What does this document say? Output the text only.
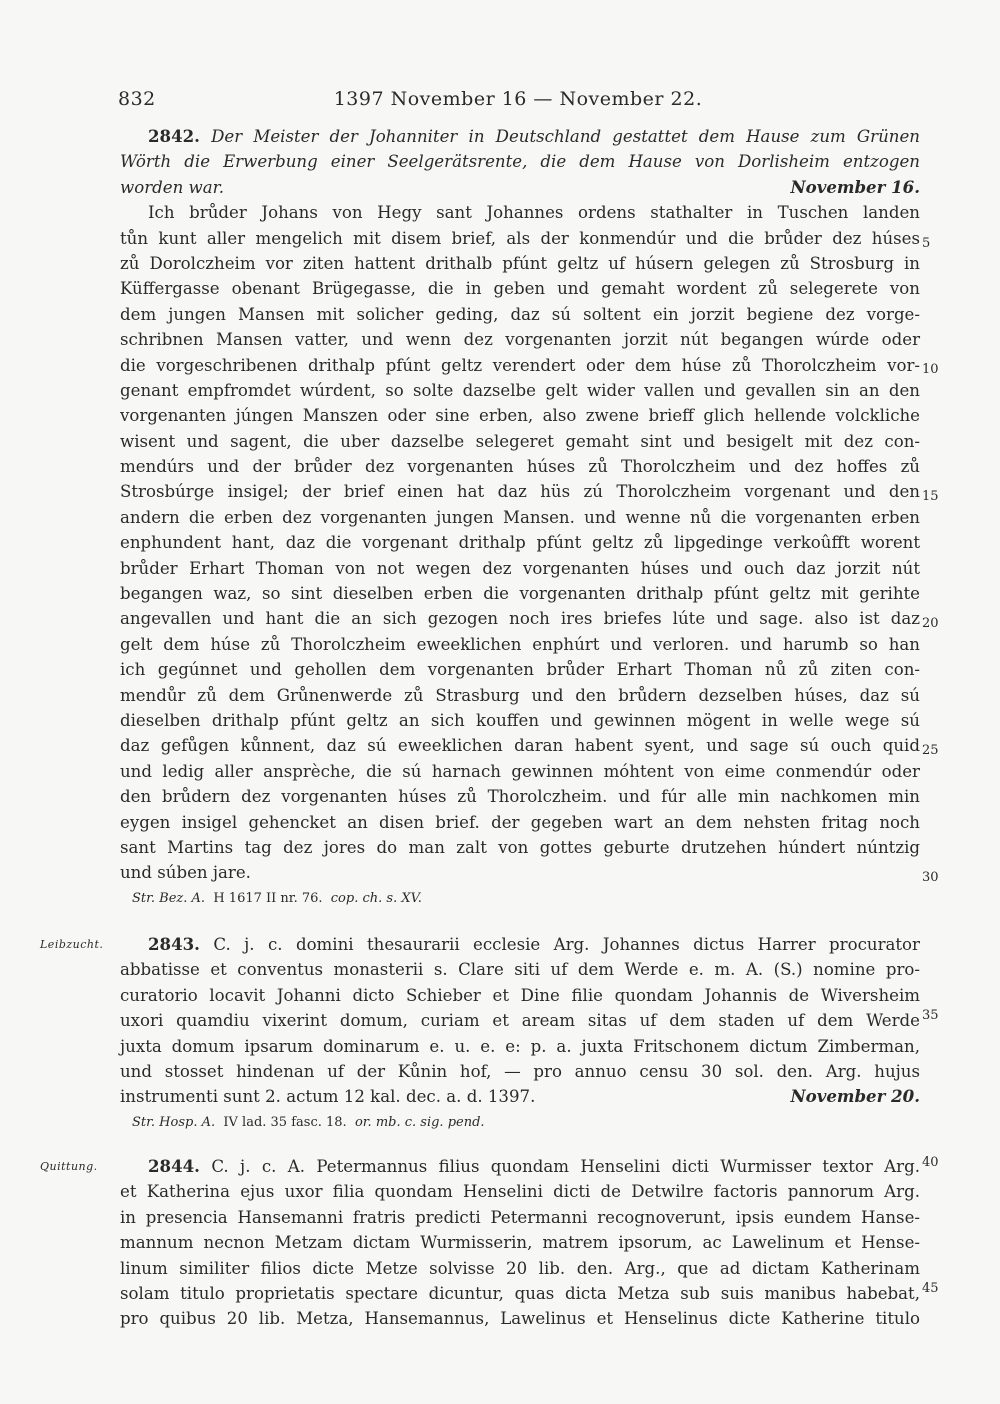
832	1397 November 16 — November 22.
2842. Der Meister der Johanniter in Deutschland gestattet dem Hause zum Grünen
Wörth die Erwerbung einer Seelgerätsrente, die dem Hause von Dorlisheim entzogen
worden war.	November 16.
Ich brůder Johans von Hegy sant Johannes ordens stathalter in Tuschen landen
tůn kunt aller mengelich mit disem brief, als der konmendúr und die brůder dez húses
zů Dorolczheim vor ziten hattent drithalb pfúnt geltz uf húsern gelegen zů Strosburg in
Küffergasse obenant Brügegasse, die in geben und gemaht wordent zů selegerete von
dem jungen Mansen mit solicher geding, daz sú soltent ein jorzit begiene dez vorge-
schribnen Mansen vatter, und wenn dez vorgenanten jorzit nút begangen wúrde oder
die vorgeschribenen drithalp pfúnt geltz verendert oder dem húse zů Thorolczheim vor-
genant empfromdet wúrdent, so solte dazselbe gelt wider vallen und gevallen sin an den
vorgenanten júngen Manszen oder sine erben, also zwene brieff glich hellende volckliche
wisent und sagent, die uber dazselbe selegeret gemaht sint und besigelt mit dez con-
mendúrs und der brůder dez vorgenanten húses zů Thorolczheim und dez hoffes zů
Strosbúrge insigel; der brief einen hat daz hüs zú Thorolczheim vorgenant und den
andern die erben dez vorgenanten jungen Mansen. und wenne nů die vorgenanten erben
enphundent hant, daz die vorgenant drithalp pfúnt geltz zů lipgedinge verkoûfft worent
brůder Erhart Thoman von not wegen dez vorgenanten húses und ouch daz jorzit nút
begangen waz, so sint dieselben erben die vorgenanten drithalp pfúnt geltz mit gerihte
angevallen und hant die an sich gezogen noch ires briefes lúte und sage. also ist daz
gelt dem húse zů Thorolczheim eweeklichen enphúrt und verloren. und harumb so han
ich gegúnnet und gehollen dem vorgenanten brůder Erhart Thoman nů zů ziten con-
mendůr zů dem Grůnenwerde zů Strasburg und den brůdern dezselben húses, daz sú
dieselben drithalp pfúnt geltz an sich kouffen und gewinnen mögent in welle wege sú
daz gefůgen kůnnent, daz sú eweeklichen daran habent syent, und sage sú ouch quid
und ledig aller ansprèche, die sú harnach gewinnen móhtent von eime conmendúr oder
den brůdern dez vorgenanten húses zů Thorolczheim. und fúr alle min nachkomen min
eygen insigel gehencket an disen brief. der gegeben wart an dem nehsten fritag noch
sant Martins tag dez jores do man zalt von gottes geburte drutzehen húndert núntzig
und súben jare.
Str. Bez. A. H 1617 II nr. 76. cop. ch. s. XV.
Leibzucht.	2843. C. j. c. domini thesaurarii ecclesie Arg. Johannes dictus Harrer procurator
abbatisse et conventus monasterii s. Clare siti uf dem Werde e. m. A. (S.) nomine pro-
curatorio locavit Johanni dicto Schieber et Dine filie quondam Johannis de Wiversheim
uxori quamdiu vixerint domum, curiam et aream sitas uf dem staden uf dem Werde
juxta domum ipsarum dominarum e. u. e. e: p. a. juxta Fritschonem dictum Zimberman,
und stosset hindenan uf der Kůnin hof, — pro annuo censu 30 sol. den. Arg. hujus
instrumenti sunt 2. actum 12 kal. dec. a. d. 1397.	November 20.
Str. Hosp. A. IV lad. 35 fasc. 18. or. mb. c. sig. pend.
Quittung.	2844. C. j. c. A. Petermannus filius quondam Henselini dicti Wurmisser textor Arg.
et Katherina ejus uxor filia quondam Henselini dicti de Detwilre factoris pannorum Arg.
in presencia Hansemanni fratris predicti Petermanni recognoverunt, ipsis eundem Hanse-
mannum necnon Metzam dictam Wurmisserin, matrem ipsorum, ac Lawelinum et Hense-
linum similiter filios dicte Metze solvisse 20 lib. den. Arg., que ad dictam Katherinam
solam titulo proprietatis spectare dicuntur, quas dicta Metza sub suis manibus habebat,
pro quibus 20 lib. Metza, Hansemannus, Lawelinus et Henselinus dicte Katherine titulo
5
10
15
20
25
30
35
40
45
